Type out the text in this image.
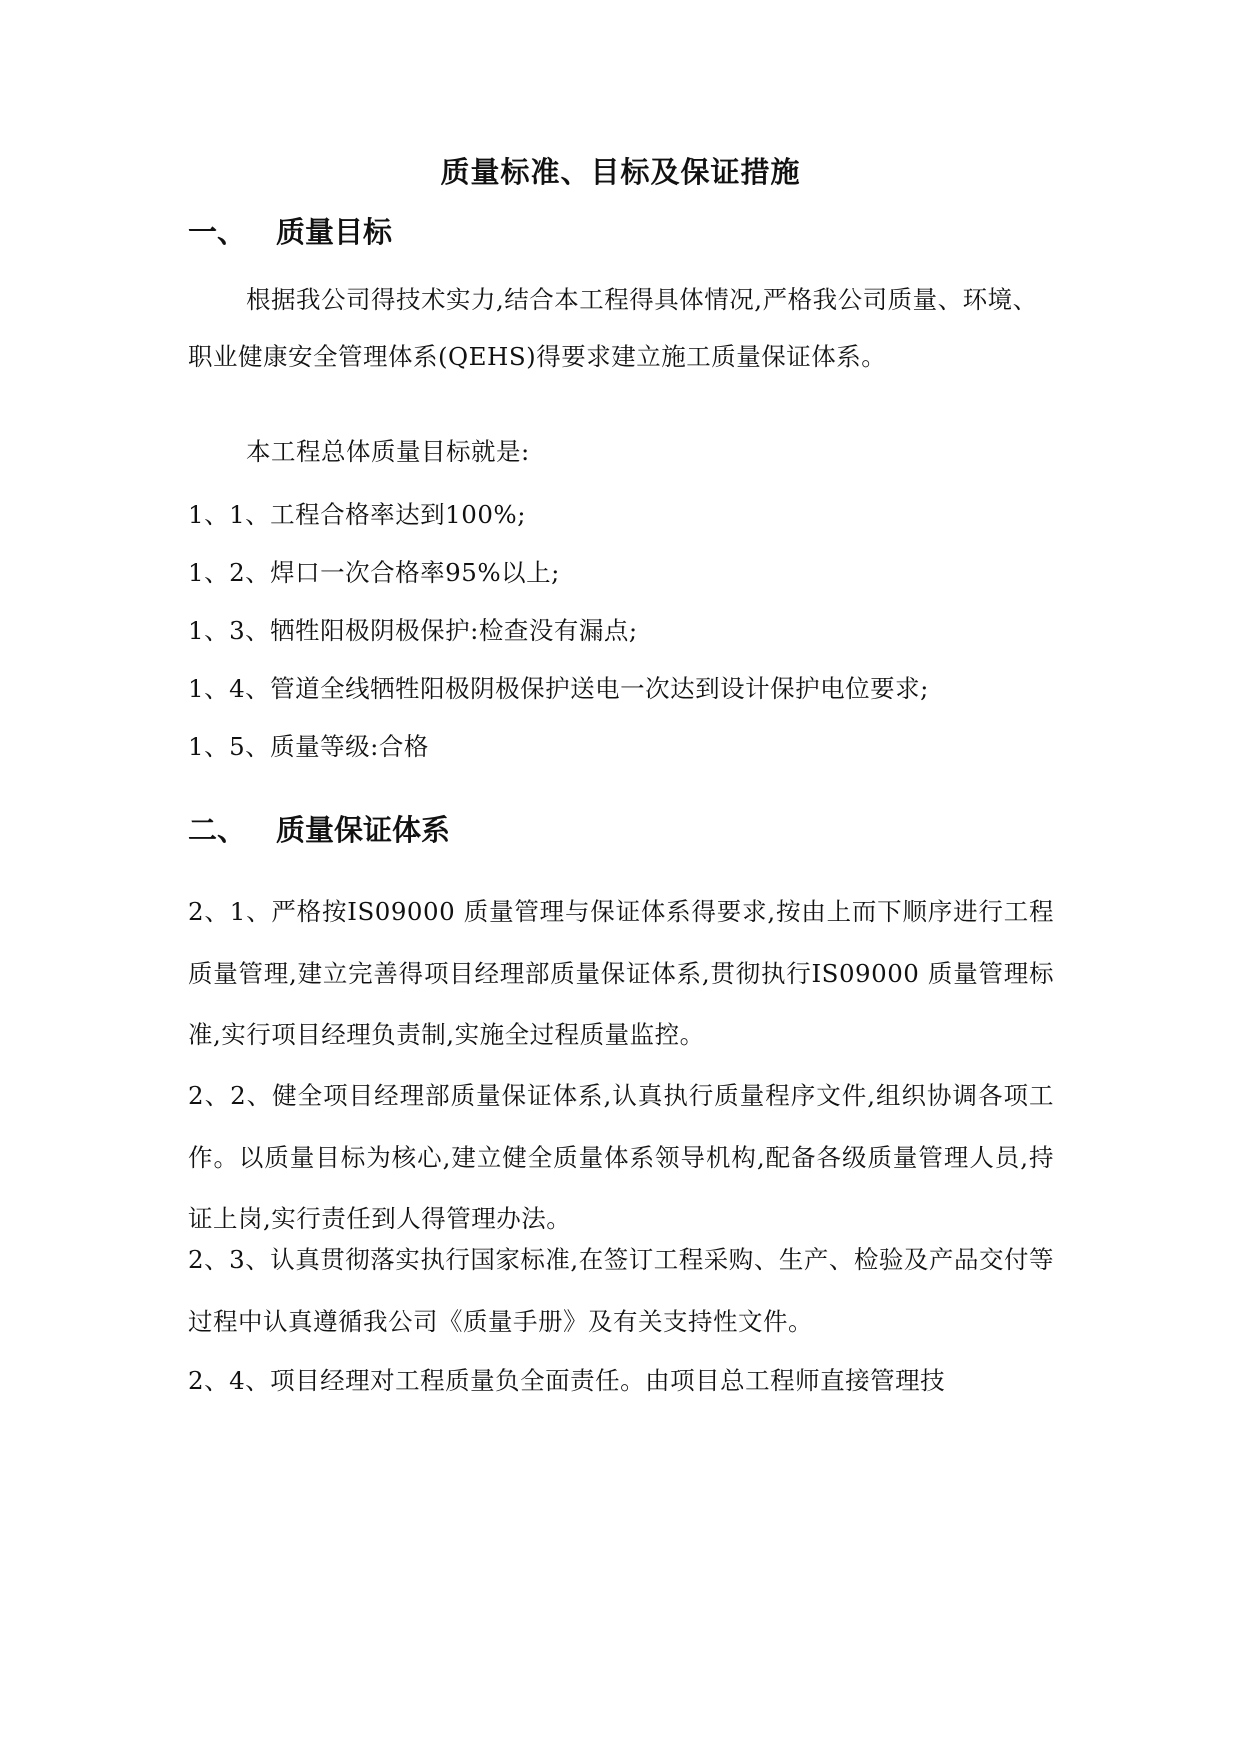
质量标准、目标及保证措施
一、 质量目标
根据我公司得技术实力,结合本工程得具体情况,严格我公司质量、环境、职业健康安全管理体系(QEHS)得要求建立施工质量保证体系。
本工程总体质量目标就是:
1、1、工程合格率达到100%;
1、2、焊口一次合格率95%以上;
1、3、牺牲阳极阴极保护:检查没有漏点;
1、4、管道全线牺牲阳极阴极保护送电一次达到设计保护电位要求;
1、5、质量等级:合格
二、 质量保证体系
2、1、严格按IS09000 质量管理与保证体系得要求,按由上而下顺序进行工程质量管理,建立完善得项目经理部质量保证体系,贯彻执行IS09000 质量管理标准,实行项目经理负责制,实施全过程质量监控。
2、2、健全项目经理部质量保证体系,认真执行质量程序文件,组织协调各项工作。以质量目标为核心,建立健全质量体系领导机构,配备各级质量管理人员,持证上岗,实行责任到人得管理办法。
2、3、认真贯彻落实执行国家标准,在签订工程采购、生产、检验及产品交付等过程中认真遵循我公司《质量手册》及有关支持性文件。
2、4、项目经理对工程质量负全面责任。由项目总工程师直接管理技
